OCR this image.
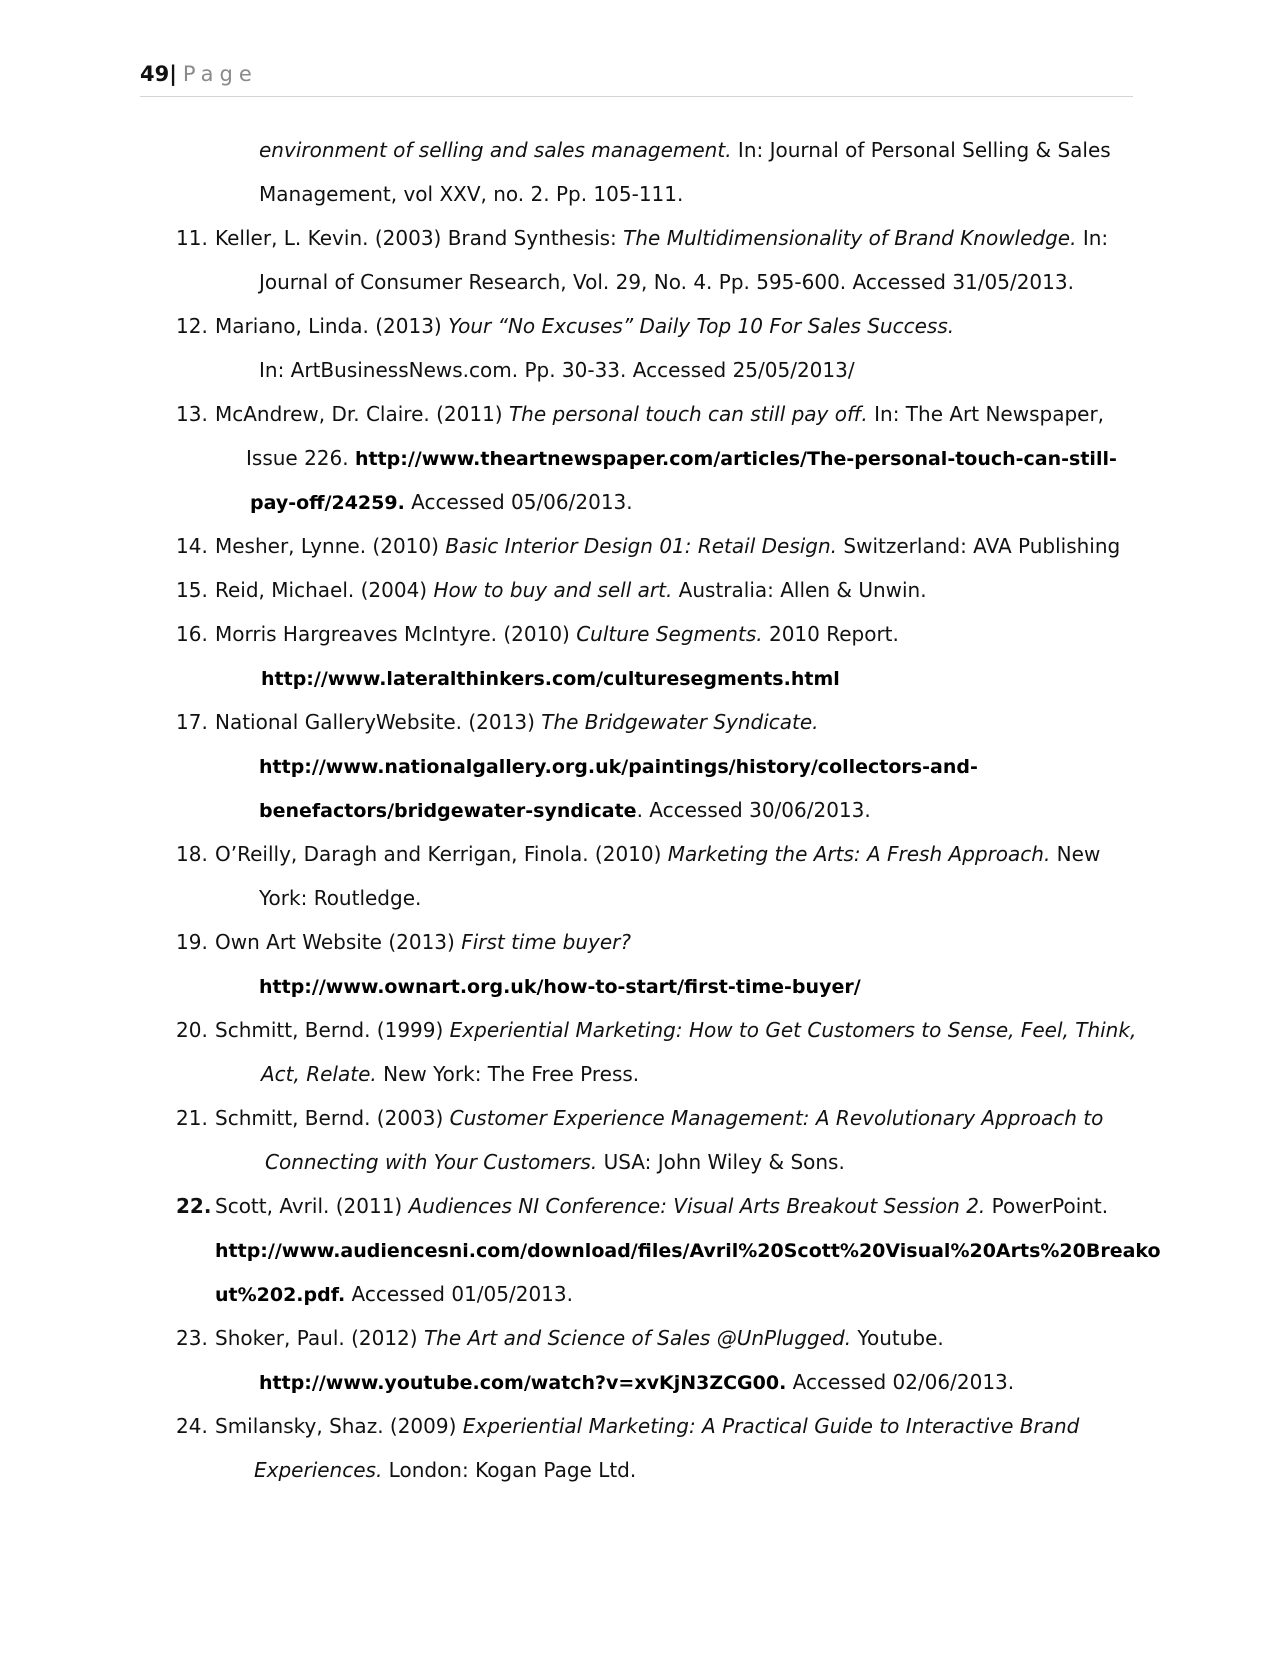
49| Page
environment of selling and sales management. In: Journal of Personal Selling & Sales
Management, vol XXV, no. 2. Pp. 105-111.
11. Keller, L. Kevin. (2003) Brand Synthesis: The Multidimensionality of Brand Knowledge. In:
Journal of Consumer Research, Vol. 29, No. 4. Pp. 595-600. Accessed 31/05/2013.
12. Mariano, Linda. (2013) Your “No Excuses” Daily Top 10 For Sales Success.
In: ArtBusinessNews.com. Pp. 30-33. Accessed 25/05/2013/
13. McAndrew, Dr. Claire. (2011) The personal touch can still pay off. In: The Art Newspaper,
Issue 226. http://www.theartnewspaper.com/articles/The-personal-touch-can-still-
pay-off/24259. Accessed 05/06/2013.
14. Mesher, Lynne. (2010) Basic Interior Design 01: Retail Design. Switzerland: AVA Publishing
15. Reid, Michael. (2004) How to buy and sell art. Australia: Allen & Unwin.
16. Morris Hargreaves McIntyre. (2010) Culture Segments. 2010 Report.
http://www.lateralthinkers.com/culturesegments.html
17. National GalleryWebsite. (2013) The Bridgewater Syndicate.
http://www.nationalgallery.org.uk/paintings/history/collectors-and-
benefactors/bridgewater-syndicate. Accessed 30/06/2013.
18. O’Reilly, Daragh and Kerrigan, Finola. (2010) Marketing the Arts: A Fresh Approach. New
York: Routledge.
19. Own Art Website (2013) First time buyer?
http://www.ownart.org.uk/how-to-start/first-time-buyer/
20. Schmitt, Bernd. (1999) Experiential Marketing: How to Get Customers to Sense, Feel, Think,
Act, Relate. New York: The Free Press.
21. Schmitt, Bernd. (2003) Customer Experience Management: A Revolutionary Approach to
Connecting with Your Customers. USA: John Wiley & Sons.
22. Scott, Avril. (2011) Audiences NI Conference: Visual Arts Breakout Session 2. PowerPoint.
http://www.audiencesni.com/download/files/Avril%20Scott%20Visual%20Arts%20Breako
ut%202.pdf. Accessed 01/05/2013.
23. Shoker, Paul. (2012) The Art and Science of Sales @UnPlugged. Youtube.
http://www.youtube.com/watch?v=xvKjN3ZCG00. Accessed 02/06/2013.
24. Smilansky, Shaz. (2009) Experiential Marketing: A Practical Guide to Interactive Brand
Experiences. London: Kogan Page Ltd.
